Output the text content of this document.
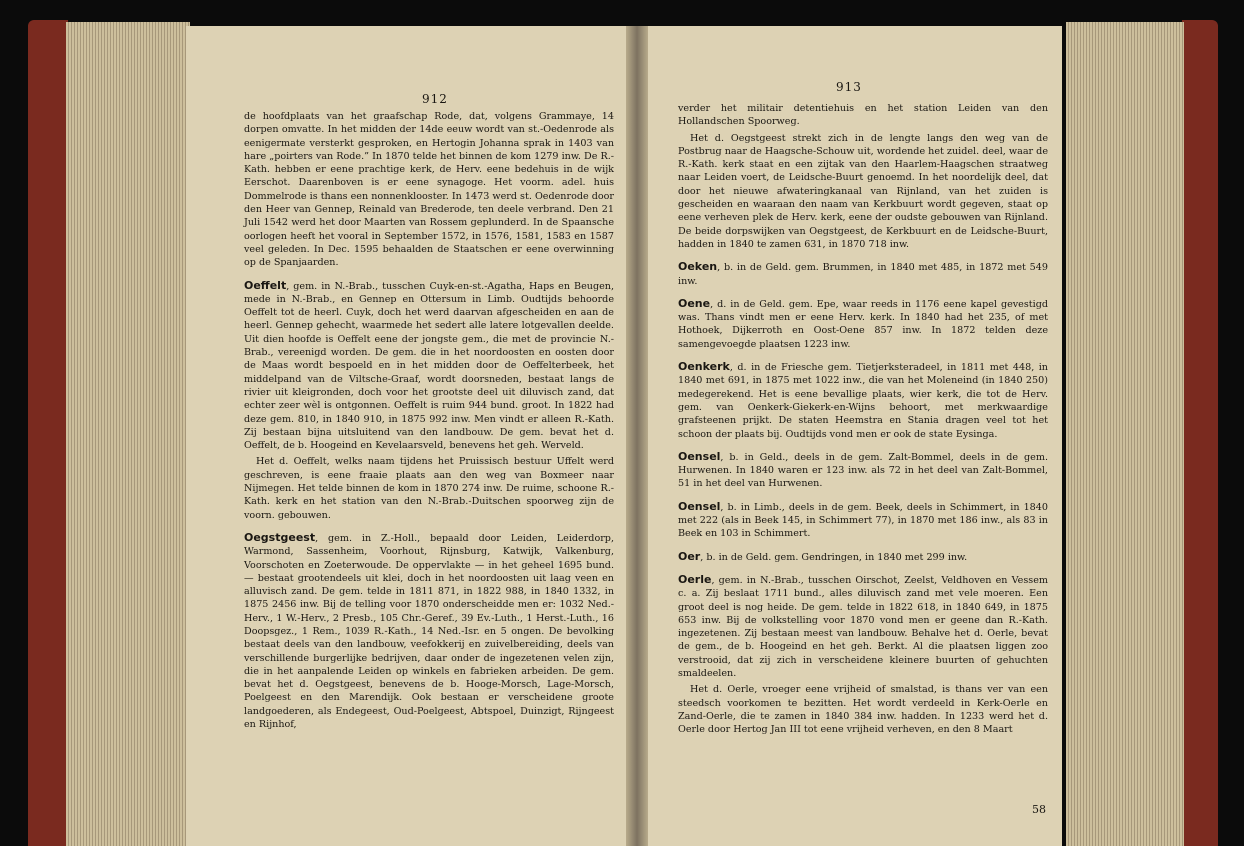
912

de hoofdplaats van het graafschap Rode, dat, volgens Grammaye, 14 dorpen omvatte. In het midden der 14de eeuw wordt van st.-Oedenrode als eenigermate versterkt gesproken, en Hertogin Johanna sprak in 1403 van hare „poirters van Rode.” In 1870 telde het binnen de kom 1279 inw. De R.-Kath. hebben er eene prachtige kerk, de Herv. eene bedehuis in de wijk Eerschot. Daarenboven is er eene synagoge. Het voorm. adel. huis Dommelrode is thans een nonnenklooster. In 1473 werd st. Oedenrode door den Heer van Gennep, Reinald van Brederode, ten deele verbrand. Den 21 Juli 1542 werd het door Maarten van Rossem geplunderd. In de Spaansche oorlogen heeft het vooral in September 1572, in 1576, 1581, 1583 en 1587 veel geleden. In Dec. 1595 behaalden de Staatschen er eene overwinning op de Spanjaarden.

Oeffelt, gem. in N.-Brab., tusschen Cuyk-en-st.-Agatha, Haps en Beugen, mede in N.-Brab., en Gennep en Ottersum in Limb. Oudtijds behoorde Oeffelt tot de heerl. Cuyk, doch het werd daarvan afgescheiden en aan de heerl. Gennep gehecht, waarmede het sedert alle latere lotgevallen deelde. Uit dien hoofde is Oeffelt eene der jongste gem., die met de provincie N.-Brab., vereenigd worden. De gem. die in het noordoosten en oosten door de Maas wordt bespoeld en in het midden door de Oeffelterbeek, het middelpand van de Viltsche-Graaf, wordt doorsneden, bestaat langs de rivier uit kleigronden, doch voor het grootste deel uit diluvisch zand, dat echter zeer wèl is ontgonnen. Oeffelt is ruim 944 bund. groot. In 1822 had deze gem. 810, in 1840 910, in 1875 992 inw. Men vindt er alleen R.-Kath. Zij bestaan bijna uitsluitend van den landbouw. De gem. bevat het d. Oeffelt, de b. Hoogeind en Kevelaarsveld, benevens het geh. Werveld.

Het d. Oeffelt, welks naam tijdens het Pruissisch bestuur Uffelt werd geschreven, is eene fraaie plaats aan den weg van Boxmeer naar Nijmegen. Het telde binnen de kom in 1870 274 inw. De ruime, schoone R.-Kath. kerk en het station van den N.-Brab.-Duitschen spoorweg zijn de voorn. gebouwen.

Oegstgeest, gem. in Z.-Holl., bepaald door Leiden, Leiderdorp, Warmond, Sassenheim, Voorhout, Rijnsburg, Katwijk, Valkenburg, Voorschoten en Zoeterwoude. De oppervlakte — in het geheel 1695 bund. — bestaat grootendeels uit klei, doch in het noordoosten uit laag veen en alluvisch zand. De gem. telde in 1811 871, in 1822 988, in 1840 1332, in 1875 2456 inw. Bij de telling voor 1870 onderscheidde men er: 1032 Ned.-Herv., 1 W.-Herv., 2 Presb., 105 Chr.-Geref., 39 Ev.-Luth., 1 Herst.-Luth., 16 Doopsgez., 1 Rem., 1039 R.-Kath., 14 Ned.-Isr. en 5 ongen. De bevolking bestaat deels van den landbouw, veefokkerij en zuivelbereiding, deels van verschillende burgerlijke bedrijven, daar onder de ingezetenen velen zijn, die in het aanpalende Leiden op winkels en fabrieken arbeiden. De gem. bevat het d. Oegstgeest, benevens de b. Hooge-Morsch, Lage-Morsch, Poelgeest en den Marendijk. Ook bestaan er verscheidene groote landgoederen, als Endegeest, Oud-Poelgeest, Abtspoel, Duinzigt, Rijngeest en Rijnhof,

913

verder het militair detentiehuis en het station Leiden van den Hollandschen Spoorweg.

Het d. Oegstgeest strekt zich in de lengte langs den weg van de Postbrug naar de Haagsche-Schouw uit, wordende het zuidel. deel, waar de R.-Kath. kerk staat en een zijtak van den Haarlem-Haagschen straatweg naar Leiden voert, de Leidsche-Buurt genoemd. In het noordelijk deel, dat door het nieuwe afwateringkanaal van Rijnland, van het zuiden is gescheiden en waaraan den naam van Kerkbuurt wordt gegeven, staat op eene verheven plek de Herv. kerk, eene der oudste gebouwen van Rijnland. De beide dorpswijken van Oegstgeest, de Kerkbuurt en de Leidsche-Buurt, hadden in 1840 te zamen 631, in 1870 718 inw.

Oeken, b. in de Geld. gem. Brummen, in 1840 met 485, in 1872 met 549 inw.

Oene, d. in de Geld. gem. Epe, waar reeds in 1176 eene kapel gevestigd was. Thans vindt men er eene Herv. kerk. In 1840 had het 235, of met Hothoek, Dijkerroth en Oost-Oene 857 inw. In 1872 telden deze samengevoegde plaatsen 1223 inw.

Oenkerk, d. in de Friesche gem. Tietjerksteradeel, in 1811 met 448, in 1840 met 691, in 1875 met 1022 inw., die van het Moleneind (in 1840 250) medegerekend. Het is eene bevallige plaats, wier kerk, die tot de Herv. gem. van Oenkerk-Giekerk-en-Wijns behoort, met merkwaardige grafsteenen prijkt. De staten Heemstra en Stania dragen veel tot het schoon der plaats bij. Oudtijds vond men er ook de state Eysinga.

Oensel, b. in Geld., deels in de gem. Zalt-Bommel, deels in de gem. Hurwenen. In 1840 waren er 123 inw. als 72 in het deel van Zalt-Bommel, 51 in het deel van Hurwenen.

Oensel, b. in Limb., deels in de gem. Beek, deels in Schimmert, in 1840 met 222 (als in Beek 145, in Schimmert 77), in 1870 met 186 inw., als 83 in Beek en 103 in Schimmert.

Oer, b. in de Geld. gem. Gendringen, in 1840 met 299 inw.

Oerle, gem. in N.-Brab., tusschen Oirschot, Zeelst, Veldhoven en Vessem c. a. Zij beslaat 1711 bund., alles diluvisch zand met vele moeren. Een groot deel is nog heide. De gem. telde in 1822 618, in 1840 649, in 1875 653 inw. Bij de volkstelling voor 1870 vond men er geene dan R.-Kath. ingezetenen. Zij bestaan meest van landbouw. Behalve het d. Oerle, bevat de gem., de b. Hoogeind en het geh. Berkt. Al die plaatsen liggen zoo verstrooid, dat zij zich in verscheidene kleinere buurten of gehuchten smaldeelen.

Het d. Oerle, vroeger eene vrijheid of smalstad, is thans ver van een steedsch voorkomen te bezitten. Het wordt verdeeld in Kerk-Oerle en Zand-Oerle, die te zamen in 1840 384 inw. hadden. In 1233 werd het d. Oerle door Hertog Jan III tot eene vrijheid verheven, en den 8 Maart

58
